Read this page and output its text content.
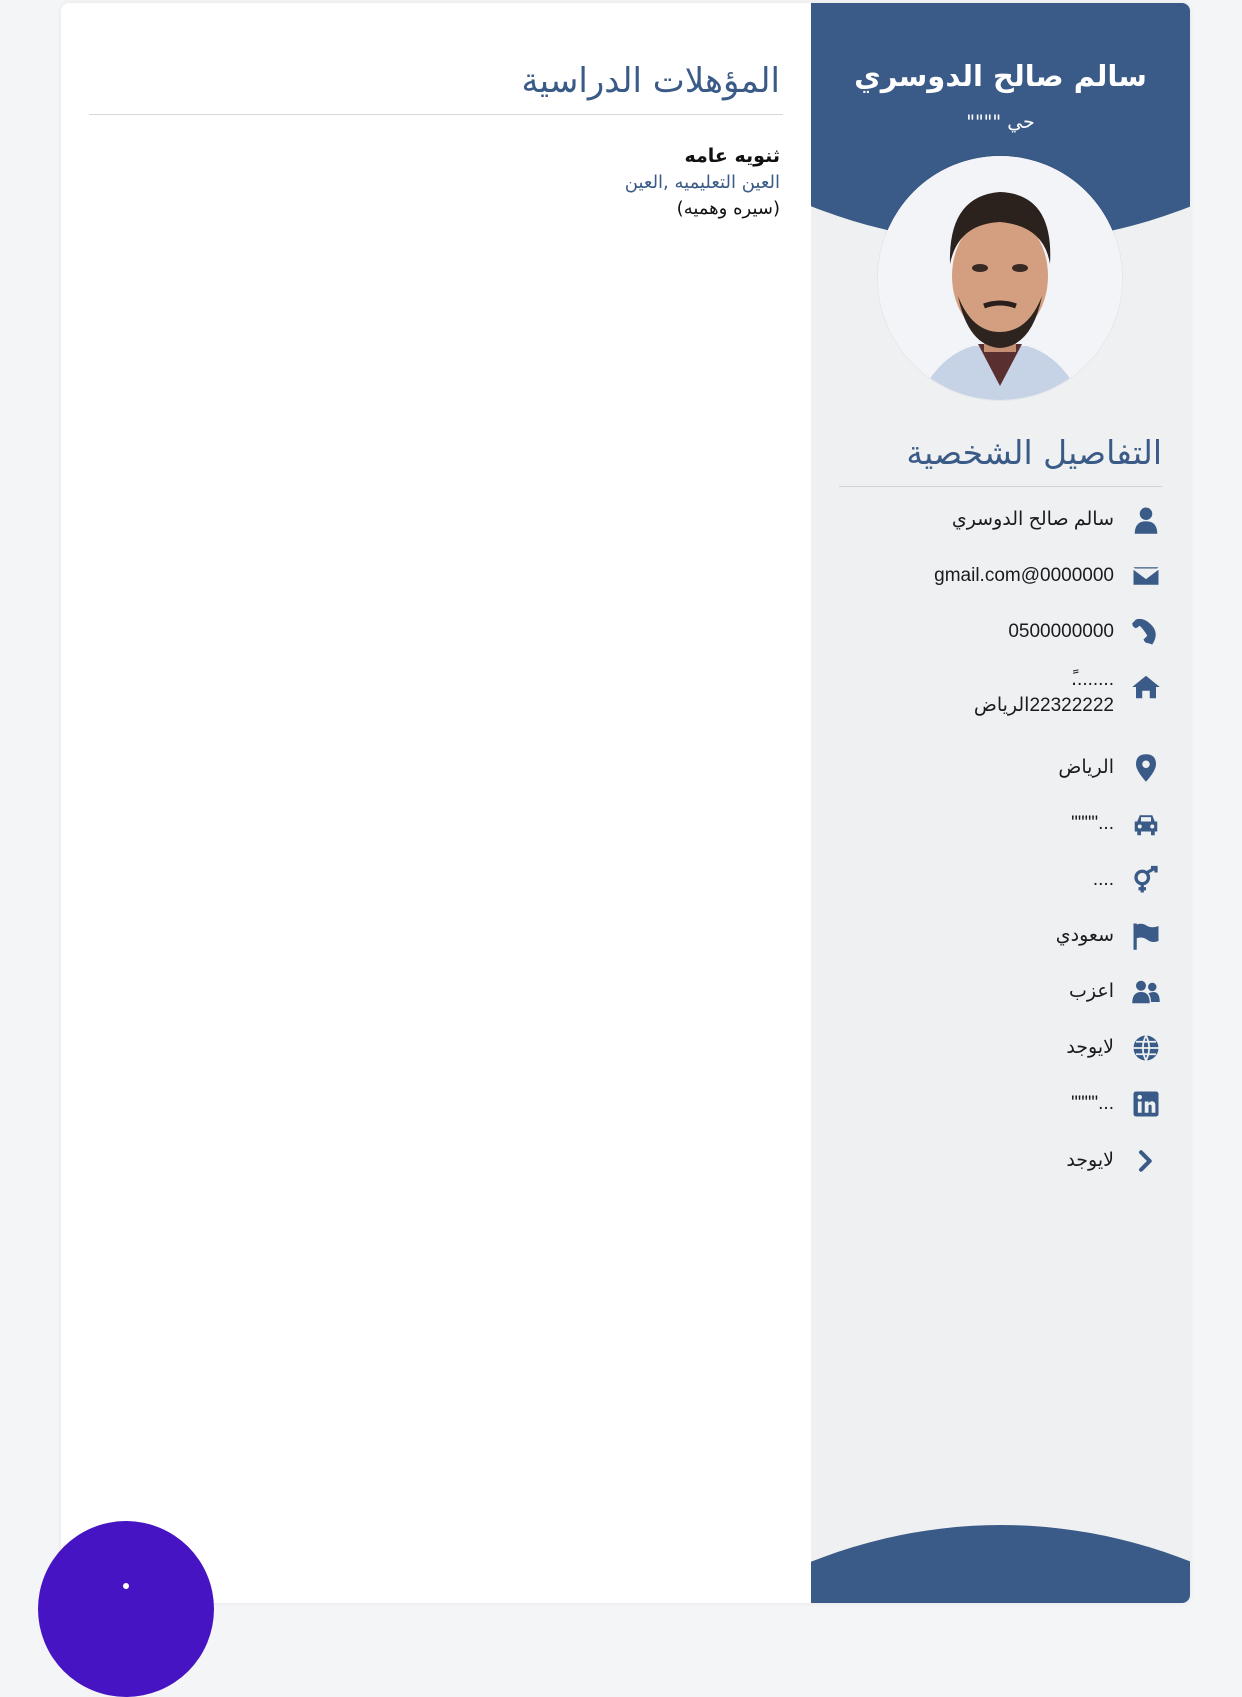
المؤهلات الدراسية
ثنويه عامه
العين التعليميه ,العين
(سيره وهميه)
سالم صالح الدوسري
حي """"
التفاصيل الشخصية
سالم صالح الدوسري
0000000@gmail.com
0500000000
........ً
22322222الرياض
الرياض
...""""
....
سعودي
اعزب
لايوجد
...""""
لايوجد
